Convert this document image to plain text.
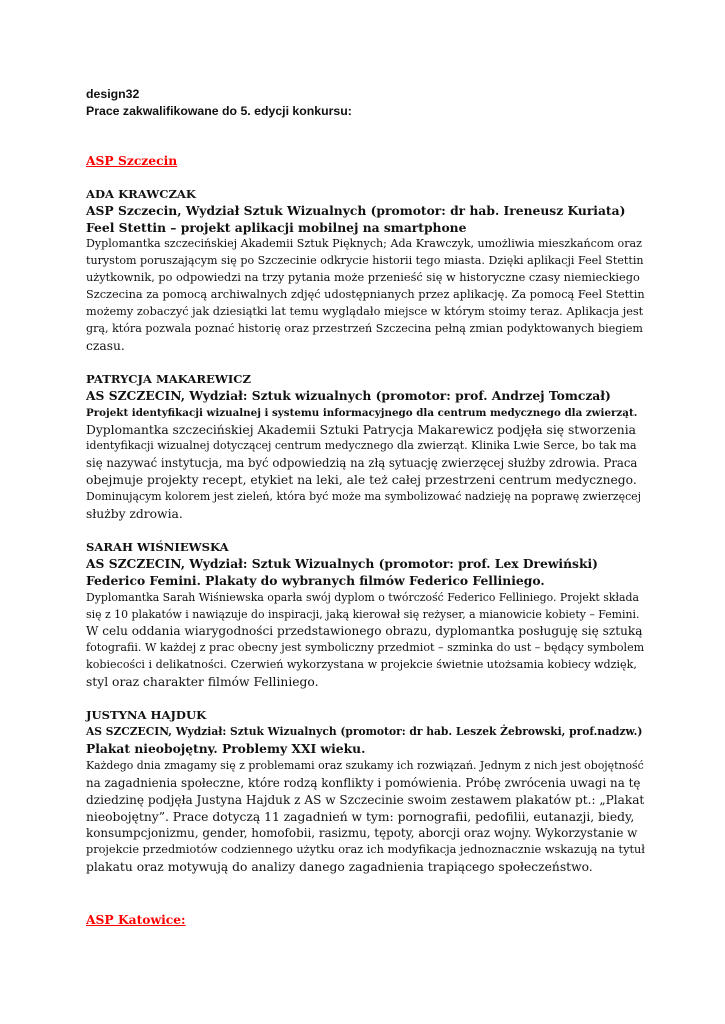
design32
Prace zakwalifikowane do 5. edycji konkursu:
ASP Szczecin
ADA KRAWCZAK
ASP Szczecin, Wydział Sztuk Wizualnych (promotor: dr hab. Ireneusz Kuriata)
Feel Stettin – projekt aplikacji mobilnej na smartphone
Dyplomantka szczecińskiej Akademii Sztuk Pięknych; Ada Krawczyk, umożliwia mieszkańcom oraz
turystom poruszającym się po Szczecinie odkrycie historii tego miasta. Dzięki aplikacji Feel Stettin
użytkownik, po odpowiedzi na trzy pytania może przenieść się w historyczne czasy niemieckiego
Szczecina za pomocą archiwalnych zdjęć udostępnianych przez aplikację. Za pomocą Feel Stettin
możemy zobaczyć jak dziesiątki lat temu wyglądało miejsce w którym stoimy teraz. Aplikacja jest
grą, która pozwala poznać historię oraz przestrzeń Szczecina pełną zmian podyktowanych biegiem
czasu.
PATRYCJA MAKAREWICZ
AS SZCZECIN, Wydział: Sztuk wizualnych (promotor: prof. Andrzej Tomczał)
Projekt identyfikacji wizualnej i systemu informacyjnego dla centrum medycznego dla zwierząt.
Dyplomantka szczecińskiej Akademii Sztuki Patrycja Makarewicz podjęła się stworzenia
identyfikacji wizualnej dotyczącej centrum medycznego dla zwierząt. Klinika Lwie Serce, bo tak ma
się nazywać instytucja, ma być odpowiedzią na złą sytuację zwierzęcej służby zdrowia. Praca
obejmuje projekty recept, etykiet na leki, ale też całej przestrzeni centrum medycznego.
Dominującym kolorem jest zieleń, która być może ma symbolizować nadzieję na poprawę zwierzęcej
służby zdrowia.
SARAH WIŚNIEWSKA
AS SZCZECIN, Wydział: Sztuk Wizualnych (promotor: prof. Lex Drewiński)
Federico Femini. Plakaty do wybranych filmów Federico Felliniego.
Dyplomantka Sarah Wiśniewska oparła swój dyplom o twórczość Federico Felliniego. Projekt składa
się z 10 plakatów i nawiązuje do inspiracji, jaką kierował się reżyser, a mianowicie kobiety – Femini.
W celu oddania wiarygodności przedstawionego obrazu, dyplomantka posługuję się sztuką
fotografii. W każdej z prac obecny jest symboliczny przedmiot – szminka do ust – będący symbolem
kobiecości i delikatności. Czerwień wykorzystana w projekcie świetnie utożsamia kobiecy wdzięk,
styl oraz charakter filmów Felliniego.
JUSTYNA HAJDUK
AS SZCZECIN, Wydział: Sztuk Wizualnych (promotor: dr hab. Leszek Żebrowski, prof.nadzw.)
Plakat nieobojętny. Problemy XXI wieku.
Każdego dnia zmagamy się z problemami oraz szukamy ich rozwiązań. Jednym z nich jest obojętność
na zagadnienia społeczne, które rodzą konflikty i pomówienia. Próbę zwrócenia uwagi na tę
dziedzinę podjęła Justyna Hajduk z AS w Szczecinie swoim zestawem plakatów pt.: „Plakat
nieobojętny”. Prace dotyczą 11 zagadnień w tym: pornografii, pedofilii, eutanazji, biedy,
konsumpcjonizmu, gender, homofobii, rasizmu, tępoty, aborcji oraz wojny. Wykorzystanie w
projekcie przedmiotów codziennego użytku oraz ich modyfikacja jednoznacznie wskazują na tytuł
plakatu oraz motywują do analizy danego zagadnienia trapiącego społeczeństwo.
ASP Katowice:
